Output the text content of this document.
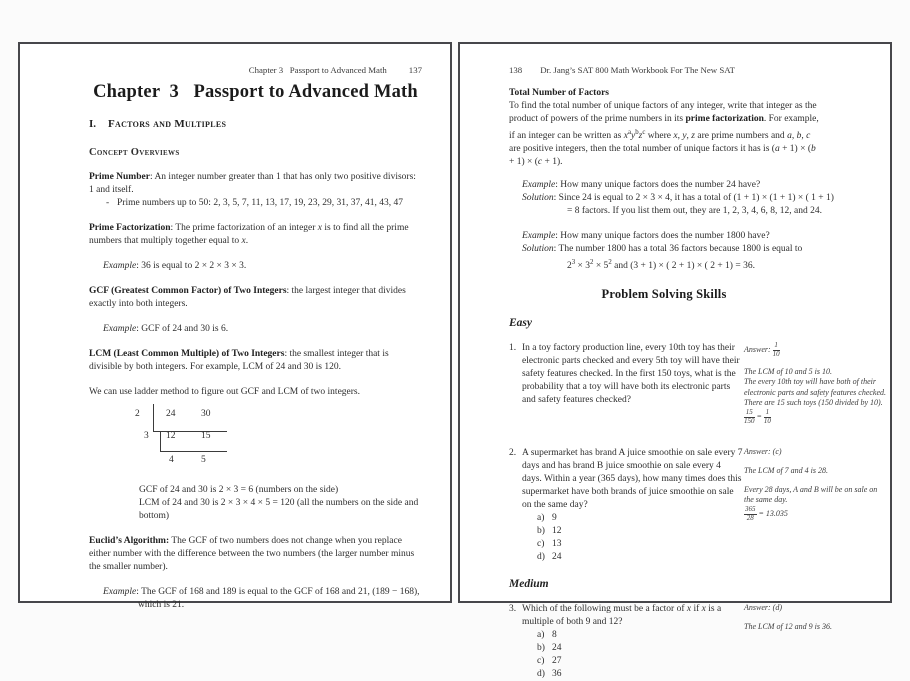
Chapter 3   Passport to Advanced Math	137
Chapter  3   Passport to Advanced Math
I.	Factors and Multiples
Concept Overviews

Prime Number: An integer number greater than 1 that has only two positive divisors: 1 and itself.

- Prime numbers up to 50: 2, 3, 5, 7, 11, 13, 17, 19, 23, 29, 31, 37, 41, 43, 47

Prime Factorization: The prime factorization of an integer x is to find all the prime numbers that multiply together equal to x.

Example: 36 is equal to 2 × 2 × 3 × 3.

GCF (Greatest Common Factor) of Two Integers: the largest integer that divides exactly into both integers.

Example: GCF of 24 and 30 is 6.

LCM (Least Common Multiple) of Two Integers: the smallest integer that is divisible by both integers. For example, LCM of 24 and 30 is 120.

We can use ladder method to figure out GCF and LCM of two integers.

2	24	30
3 12	15
4	5

GCF of 24 and 30 is 2 × 3 = 6 (numbers on the side)

LCM of 24 and 30 is 2 × 3 × 4 × 5 = 120 (all the numbers on the side and bottom)

Euclid’s Algorithm: The GCF of two numbers does not change when you replace either number with the difference between the two numbers (the larger number minus the smaller number).

Example: The GCF of 168 and 189 is equal to the GCF of 168 and 21, (189 − 168),

which is 21.

138 Dr. Jang’s SAT 800 Math Workbook For The New SAT
Total Number of Factors

To find the total number of unique factors of any integer, write that integer as the product of powers of the prime numbers in its prime factorization. For example, if an integer can be written as $x^ay^bz^c$ where x, y, z are prime numbers and a, b, c are positive integers, then the total number of unique factors it has is (a + 1) × (b + 1) × (c + 1).

Example: How many unique factors does the number 24 have?

Solution: Since 24 is equal to 2 × 3 × 4, it has a total of (1 + 1) × (1 + 1) × ( 1 + 1)

= 8 factors. If you list them out, they are 1, 2, 3, 4, 6, 8, 12, and 24.

Example: How many unique factors does the number 1800 have?

Solution: The number 1800 has a total 36 factors because 1800 is equal to

$2^3 \times 3^2 \times 5^2$ and (3 + 1) × ( 2 + 1) × ( 2 + 1) = 36.

Problem Solving Skills
Easy
1. In a toy factory production line, every 10th toy has their electronic parts checked and every 5th toy will have their safety features checked. In the first 150 toys, what is the probability that a toy will have both its electronic parts and safety features checked?

Answer: $\frac{1}{10}$

The LCM of 10 and 5 is 10.

The every 10th toy will have both of their electronic parts and safety features checked.

There are 15 such toys (150 divided by 10).

$\frac{15}{150} = \frac{1}{10}$

2. A supermarket has brand A juice smoothie on sale every 7 days and has brand B juice smoothie on sale every 4 days. Within a year (365 days), how many times does this supermarket have both brands of juice smoothie on sale on the same day?
a) 9
b) 12
c) 13
d) 24

Answer: (c)

The LCM of 7 and 4 is 28.

Every 28 days, A and B will be on sale on the same day.

$\frac{365}{28} = 13.035$

Medium
3. Which of the following must be a factor of x if x is a multiple of both 9 and 12?
a) 8
b) 24
c) 27
d) 36

Answer: (d)

The LCM of 12 and 9 is 36.
